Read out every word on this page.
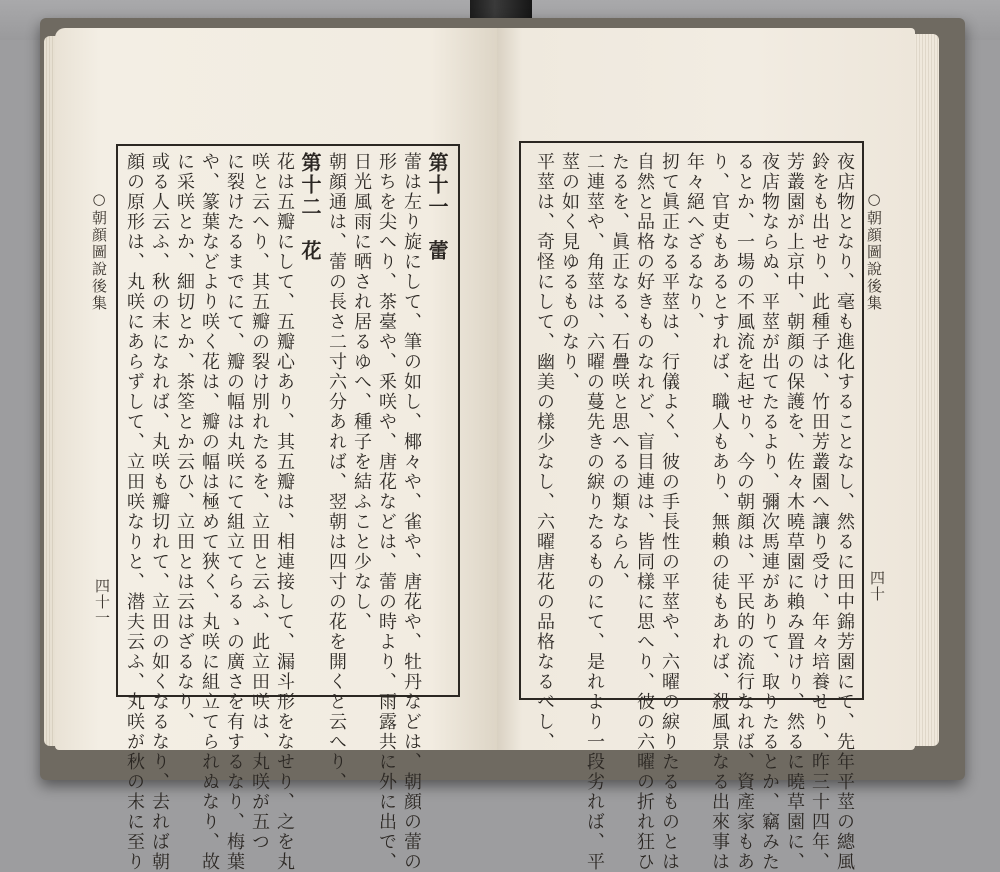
○朝顔圖說後集	○朝顔圖說後集
四十一	四十
第十一　蕾
蕾は左り旋にして、筆の如し、椰々や、雀や、唐花や、牡丹などは、朝顔の蕾の
形ちを尖へり、茶臺や、釆咲や、唐花などは、蕾の時より、雨露共に外に出で、
日光風雨に晒され居るゆへ、種子を結ふこと少なし、
朝顔通は、蕾の長さ二寸六分あれば、翌朝は四寸の花を開くと云へり、
第十二　花
花は五瓣にして、五瓣心あり、其五瓣は、相連接して、漏斗形をなせり、之を丸
咲と云へり、其五瓣の裂け別れたるを、立田と云ふ、此立田咲は、丸咲が五つ
に裂けたるまでにて、瓣の幅は丸咲にて組立てらるゝの廣さを有するなり、梅葉
や、篆葉などより咲く花は、瓣の幅は極めて狹く、丸咲に組立てられぬなり、故
に采咲とか、細切とか、茶筌とか云ひ、立田とは云はざるなり、
或る人云ふ、秋の末になれば、丸咲も瓣切れて、立田の如くなるなり、去れば朝
顔の原形は、丸咲にあらずして、立田咲なりと、潜夫云ふ、丸咲が秋の末に至り	夜店物となり、毫も進化することなし、然るに田中錦芳園にて、先年平莖の總風
鈴をも出せり、此種子は、竹田芳叢園へ讓り受け、年々培養せり、昨三十四年、
芳叢園が上京中、朝顔の保護を、佐々木曉草園に賴み置けり、然るに曉草園に、
夜店物ならぬ、平莖が出てたるより、彌次馬連がありて、取りたるとか、竊みた
るとか、一場の不風流を起せり、今の朝顔は、平民的の流行なれば、資產家もあ
り、官吏もあるとすれば、職人もあり、無賴の徒もあれば、殺風景なる出來事は
年々絕へざるなり、
扨て眞正なる平莖は、行儀よく、彼の手長性の平莖や、六曜の綟りたるものとは
自然と品格の好きものなれど、盲目連は、皆同樣に思へり、彼の六曜の折れ狂ひ
たるを、眞正なる、石疊咲と思へるの類ならん、
二連莖や、角莖は、六曜の蔓先きの綟りたるものにて、是れより一段劣れば、平
莖の如く見ゆるものなり、
平莖は、奇怪にして、幽美の樣少なし、六曜唐花の品格なるべし、
